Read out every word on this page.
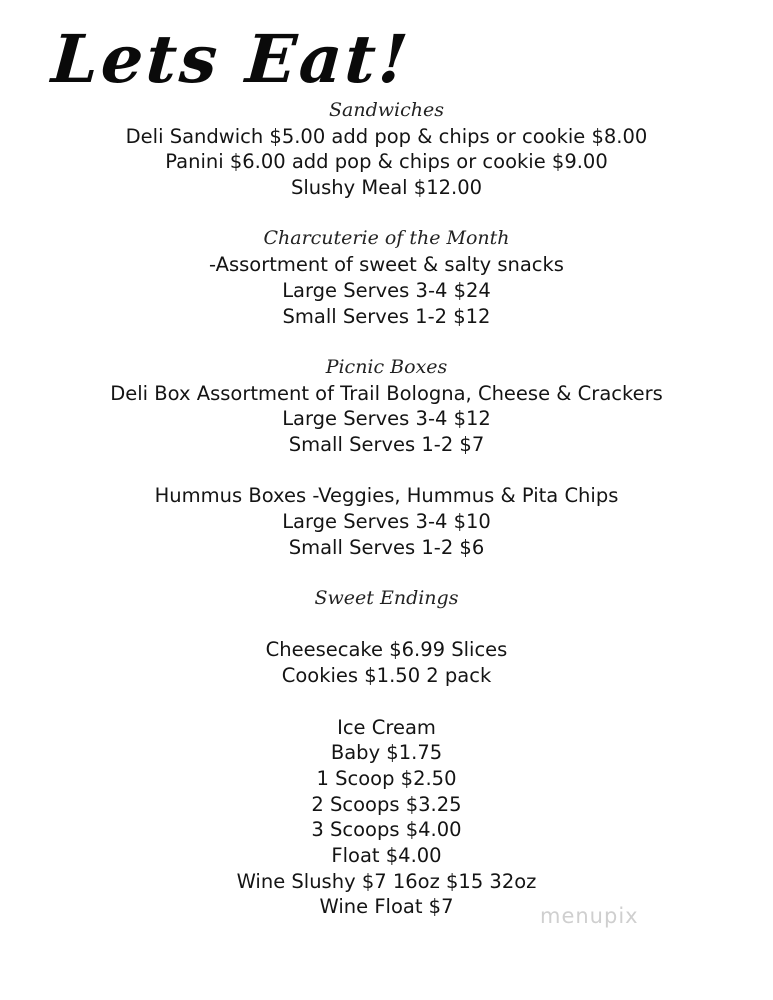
Lets Eat!
Sandwiches
Deli Sandwich $5.00 add pop & chips or cookie $8.00
Panini $6.00 add pop & chips or cookie $9.00
Slushy Meal $12.00
Charcuterie of the Month
-Assortment of sweet & salty snacks
Large Serves 3-4 $24
Small Serves 1-2 $12
Picnic Boxes
Deli Box Assortment of Trail Bologna, Cheese & Crackers
Large Serves 3-4 $12
Small Serves 1-2 $7
Hummus Boxes -Veggies, Hummus & Pita Chips
Large Serves 3-4 $10
Small Serves 1-2 $6
Sweet Endings
Cheesecake $6.99 Slices
Cookies $1.50 2 pack
Ice Cream
Baby $1.75
1 Scoop $2.50
2 Scoops $3.25
3 Scoops $4.00
Float $4.00
Wine Slushy $7 16oz $15 32oz
Wine Float $7	menupix
